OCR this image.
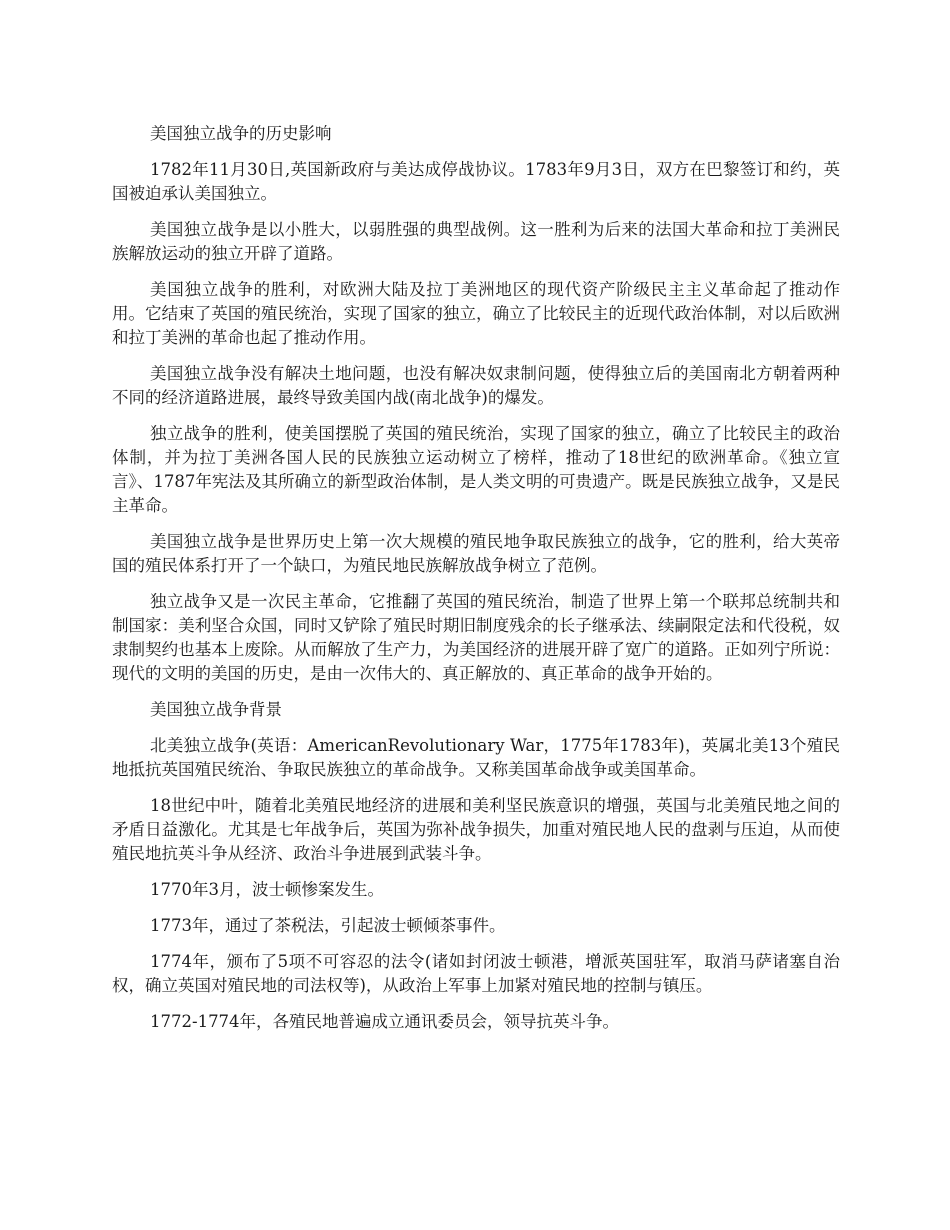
美国独立战争的历史影响

1782年11月30日,英国新政府与美达成停战协议。1783年9月3日，双方在巴黎签订和约，英国被迫承认美国独立。

美国独立战争是以小胜大，以弱胜强的典型战例。这一胜利为后来的法国大革命和拉丁美洲民族解放运动的独立开辟了道路。

美国独立战争的胜利，对欧洲大陆及拉丁美洲地区的现代资产阶级民主主义革命起了推动作用。它结束了英国的殖民统治，实现了国家的独立，确立了比较民主的近现代政治体制，对以后欧洲和拉丁美洲的革命也起了推动作用。

美国独立战争没有解决土地问题，也没有解决奴隶制问题，使得独立后的美国南北方朝着两种不同的经济道路进展，最终导致美国内战(南北战争)的爆发。

独立战争的胜利，使美国摆脱了英国的殖民统治，实现了国家的独立，确立了比较民主的政治体制，并为拉丁美洲各国人民的民族独立运动树立了榜样，推动了18世纪的欧洲革命。《独立宣言》、1787年宪法及其所确立的新型政治体制，是人类文明的可贵遗产。既是民族独立战争，又是民主革命。

美国独立战争是世界历史上第一次大规模的殖民地争取民族独立的战争，它的胜利，给大英帝国的殖民体系打开了一个缺口，为殖民地民族解放战争树立了范例。

独立战争又是一次民主革命，它推翻了英国的殖民统治，制造了世界上第一个联邦总统制共和制国家：美利坚合众国，同时又铲除了殖民时期旧制度残余的长子继承法、续嗣限定法和代役税，奴隶制契约也基本上废除。从而解放了生产力，为美国经济的进展开辟了宽广的道路。正如列宁所说：现代的文明的美国的历史，是由一次伟大的、真正解放的、真正革命的战争开始的。

美国独立战争背景

北美独立战争(英语：AmericanRevolutionary War，1775年1783年)，英属北美13个殖民地抵抗英国殖民统治、争取民族独立的革命战争。又称美国革命战争或美国革命。

18世纪中叶，随着北美殖民地经济的进展和美利坚民族意识的增强，英国与北美殖民地之间的矛盾日益激化。尤其是七年战争后，英国为弥补战争损失，加重对殖民地人民的盘剥与压迫，从而使殖民地抗英斗争从经济、政治斗争进展到武装斗争。

1770年3月，波士顿惨案发生。

1773年，通过了茶税法，引起波士顿倾茶事件。

1774年，颁布了5项不可容忍的法令(诸如封闭波士顿港，增派英国驻军，取消马萨诸塞自治权，确立英国对殖民地的司法权等)，从政治上军事上加紧对殖民地的控制与镇压。

1772-1774年，各殖民地普遍成立通讯委员会，领导抗英斗争。
